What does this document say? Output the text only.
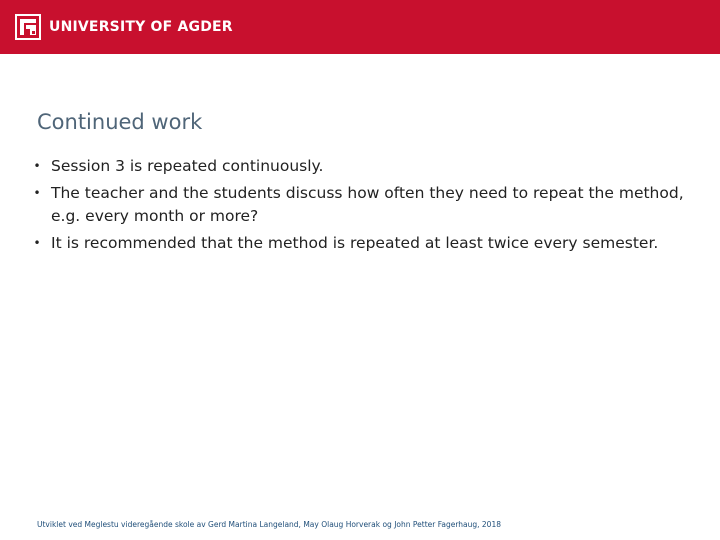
UNIVERSITY OF AGDER
Continued work
• Session 3 is repeated continuously.
• The teacher and the students discuss how often they need to repeat the method, e.g. every month or more?
• It is recommended that the method is repeated at least twice every semester.

Utviklet ved Meglestu videregående skole av Gerd Martina Langeland, May Olaug Horverak og John Petter Fagerhaug, 2018
